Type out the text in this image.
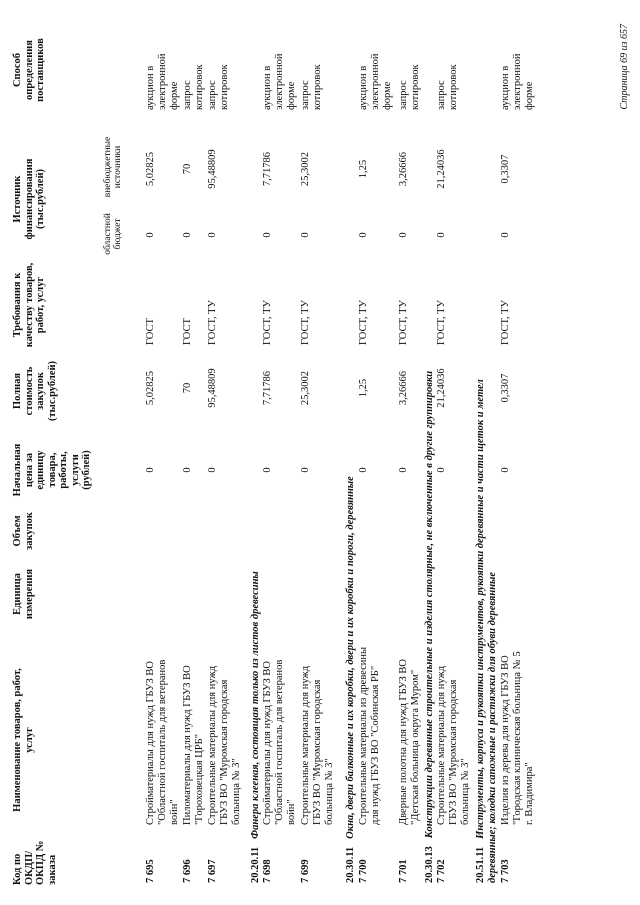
Код по ОКДП/ ОКПД № заказа
Наименование товаров, работ, услуг
Единица измерения
Объем закупок
Начальная цена за единицу товара, работы, услуги (рублей)
Полная стоимость закупок (тыс.рублей)
Требования к качеству товаров, работ, услуг
Источник финансирования (тыс.рублей)
областной бюджет
внебюджетные источники
Способ определения поставщиков
7 695
Стройматериалы для нужд ГБУЗ ВО "Областной госпиталь для ветеранов войн"
0
5,02825
ГОСТ
0
5,02825
аукцион в электронной форме
7 696
Пиломатериалы для нужд ГБУЗ ВО "Гороховецкая ЦРБ"
0
70
ГОСТ
0
70
запрос котировок
7 697
Строительные материалы для нужд ГБУЗ ВО "Муромская городская больница № 3"
0
95,48809
ГОСТ, ТУ
0
95,48809
запрос котировок
20.20.11Фанера клееная, состоящая только из листов древесины
7 698
Стройматериалы для нужд ГБУЗ ВО "Областной госпиталь для ветеранов войн"
0
7,71786
ГОСТ, ТУ
0
7,71786
аукцион в электронной форме
7 699
Строительные материалы для нужд ГБУЗ ВО "Муромская городская больница № 3"
0
25,3002
ГОСТ, ТУ
0
25,3002
запрос котировок
20.30.11Окна, двери балконные и их коробки, двери и их коробки и пороги, деревянные
7 700
Строительные материалы из древесины для нужд ГБУЗ ВО "Собинская РБ"
0
1,25
ГОСТ, ТУ
0
1,25
аукцион в электронной форме
7 701
Дверные полотна для нужд ГБУЗ ВО "Детская больница округа Муром"
0
3,26666
ГОСТ, ТУ
0
3,26666
запрос котировок
20.30.13Конструкции деревянные строительные и изделия столярные, не включенные в другие группировки
7 702
Строительные материалы для нужд ГБУЗ ВО "Муромская городская больница № 3"
0
21,24036
ГОСТ, ТУ
0
21,24036
запрос котировок
20.51.11Инструменты, корпуса и рукоятки инструментов, рукоятки деревянные и части щеток и метел деревянные; колодки сапожные и растяжки для обуви деревянные 7 703
Изделия из дерева для нужд ГБУЗ ВО "Городская клиническая больница № 5 г. Владимира"
0
0,3307
ГОСТ, ТУ
0
0,3307
аукцион в электронной форме	Страница 69 из 657
